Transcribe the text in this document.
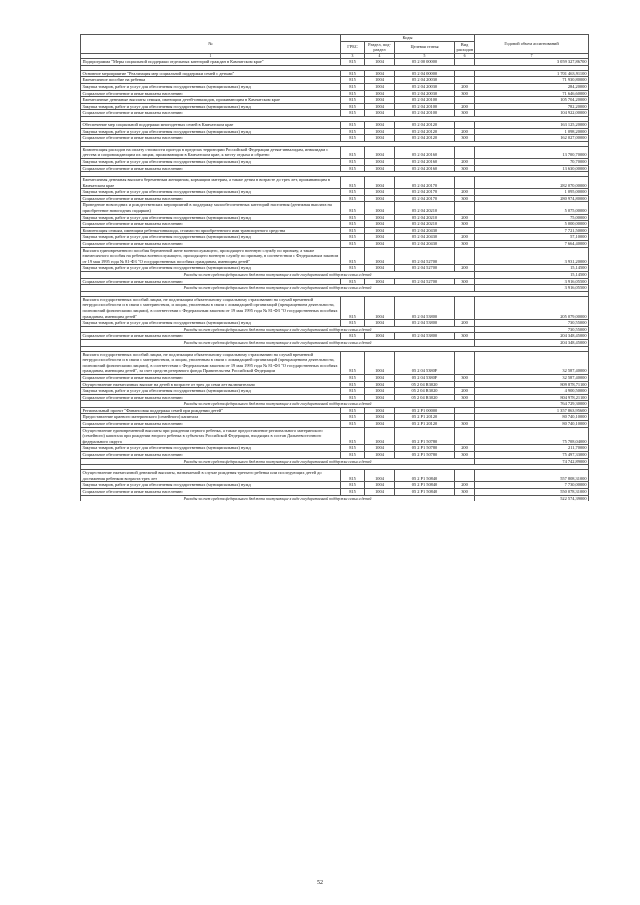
№	Коды				Годовой объем ассигнований
	ГРБС	Раздел, под-раздел	Целевая статья	Вид расходов	
1	3	4	5	6	7
Подпрограмма "Меры социальной поддержки отдельных категорий граждан в Камчатском крае"	815	1004	05 2 00 00000		3 059 327,86700

Основное мероприятие "Реализация мер социальной поддержки семей с детьми"	815	1004	05 2 04 00000		1 701 463,91100
Ежемесячное пособие на ребенка	815	1004	05 2 04 20030		71 930,80000
Закупка товаров, работ и услуг для обеспечения государственных (муниципальных) нужд	815	1004	05 2 04 20030	200	284,20000
Социальное обеспечение и иные выплаты населению	815	1004	05 2 04 20030	300	71 646,60000
Ежемесячные денежные выплаты семьям, имеющим детей-инвалидов, проживающим в Камчатском крае	815	1004	05 2 04 20100		105 704,20000
Закупка товаров, работ и услуг для обеспечения государственных (муниципальных) нужд	815	1004	05 2 04 20100	200	782,20000
Социальное обеспечение и иные выплаты населению	815	1004	05 2 04 20100	300	104 922,00000

Обеспечение мер социальной поддержки многодетных семей в Камчатском крае	815	1004	05 2 04 20120		163 125,20000
Закупка товаров, работ и услуг для обеспечения государственных (муниципальных) нужд	815	1004	05 2 04 20120	200	1 098,20000
Социальное обеспечение и иные выплаты населению	815	1004	05 2 04 20120	300	162 027,00000

Компенсация расходов на оплату стоимости проезда в пределах территории Российской Федерации детям-инвалидам, инвалидам с детства и сопровождающим их лицам, проживающим в Камчатском крае, к месту отдыха и обратно	815	1004	05 2 04 20160		13 700,70000
Закупка товаров, работ и услуг для обеспечения государственных (муниципальных) нужд	815	1004	05 2 04 20160	200	70,70000
Социальное обеспечение и иные выплаты населению	815	1004	05 2 04 20160	300	13 630,00000

Ежемесячная денежная выплата беременным женщинам, кормящим матерям, а также детям в возрасте до трех лет, проживающим в Камчатском крае	815	1004	05 2 04 20170		282 070,00000
Закупка товаров, работ и услуг для обеспечения государственных (муниципальных) нужд	815	1004	05 2 04 20170	200	1 095,00000
Социальное обеспечение и иные выплаты населению	815	1004	05 2 04 20170	300	280 974,80000
Проведение новогодних и рождественских мероприятий в поддержку малообеспеченных категорий населения (денежная выплата на приобретение новогодних подарков)	815	1004	05 2 04 20210		5 075,00000
Закупка товаров, работ и услуг для обеспечения государственных (муниципальных) нужд	815	1004	05 2 04 20210	200	75,00000
Социальное обеспечение и иные выплаты населению	815	1004	05 2 04 20210	300	5 000,00000
Компенсация семьям, имеющим ребенка-инвалида, стоимости приобретенного ими транспортного средства	815	1004	05 2 04 20430		7 721,50000
Закупка товаров, работ и услуг для обеспечения государственных (муниципальных) нужд	815	1004	05 2 04 20430	200	57,10000
Социальное обеспечение и иные выплаты населению	815	1004	05 2 04 20430	300	7 664,40000
Выплата единовременного пособия беременной жене военнослужащего, проходящего военную службу по призыву, а также ежемесячного пособия на ребенка военнослужащего, проходящего военную службу по призыву, в соответствии с Федеральным законом от 19 мая 1995 года № 81-ФЗ "О государственных пособиях гражданам, имеющим детей"	815	1004	05 2 04 52700		3 931,20000
Закупка товаров, работ и услуг для обеспечения государственных (муниципальных) нужд	815	1004	05 2 04 52700	200	15,14500
Расходы за счет средств федерального бюджета поступающие в виде государственной поддержки семьи и детей					15,14500
Социальное обеспечение и иные выплаты населению	815	1004	05 2 04 52700	300	3 916,05500
Расходы за счет средств федерального бюджета поступающие в виде государственной поддержки семьи и детей					3 916,05500

Выплата государственных пособий лицам, не подлежащим обязательному социальному страхованию на случай временной нетрудоспособности и в связи с материнством, и лицам, уволенным в связи с ликвидацией организаций (прекращением деятельности, полномочий физическими лицами), в соответствии с Федеральным законом от 19 мая 1995 года № 81-ФЗ "О государственных пособиях гражданам, имеющим детей"	815	1004	05 2 04 53800		205 079,00000
Закупка товаров, работ и услуг для обеспечения государственных (муниципальных) нужд	815	1004	05 2 04 53800	200	730,55000
Расходы за счет средств федерального бюджета поступающие в виде государственной поддержки семьи и детей					730,55000
Социальное обеспечение и иные выплаты населению	815	1004	05 2 04 53800	300	204 348,45000
Расходы за счет средств федерального бюджета поступающие в виде государственной поддержки семьи и детей					204 348,45000

Выплата государственных пособий лицам, не подлежащим обязательному социальному страхованию на случай временной нетрудоспособности и в связи с материнством, и лицам, уволенным в связи с ликвидацией организаций (прекращением деятельности, полномочий физическими лицами), в соответствии с Федеральным законом от 19 мая 1995 года № 81-ФЗ "О государственных пособиях гражданам, имеющим детей", за счет средств резервного фонда Правительства Российской Федерации	815	1004	05 2 04 5380F		32 587,40000
Социальное обеспечение и иные выплаты населению	815	1004	05 2 04 5380F	300	32 587,40000
Осуществление ежемесячных выплат на детей в возрасте от трех до семи лет включительно	815	1004	05 2 04 R3020		809 878,71100
Закупка товаров, работ и услуг для обеспечения государственных (муниципальных) нужд	815	1004	05 2 04 R3020	200	4 900,50000
Социальное обеспечение и иные выплаты населению	815	1004	05 2 04 R3020	300	804 978,21100
Расходы за счет средств федерального бюджета поступающие в виде государственной поддержки семьи и детей					764 729,30000
Региональный проект "Финансовая поддержка семей при рождении детей"	815	1004	05 2 P1 00000		1 357 863,95600
Предоставление краевого материнского (семейного) капитала	815	1004	05 2 P1 20120		80 740,10000
Социальное обеспечение и иные выплаты населению	815	1004	05 2 P1 20120	300	80 740,10000
Осуществление единовременной выплаты при рождении первого ребенка, а также предоставление регионального материнского (семейного) капитала при рождении второго ребенка в субъектах Российской Федерации, входящих в состав Дальневосточного федерального округа	815	1004	05 2 P1 50780		75 708,04000
Закупка товаров, работ и услуг для обеспечения государственных (муниципальных) нужд	815	1004	05 2 P1 50780	200	211,70000
Социальное обеспечение и иные выплаты населению	815	1004	05 2 P1 50780	300	75 497,33000
Расходы за счет средств федерального бюджета поступающие в виде государственной поддержки семьи и детей					74 742,89000

Осуществление ежемесячной денежной выплаты, назначаемой в случае рождения третьего ребенка или последующих детей до достижения ребенком возраста трех лет	815	1004	05 2 P1 50840		557 808,31000
Закупка товаров, работ и услуг для обеспечения государственных (муниципальных) нужд	815	1004	05 2 P1 50840	200	7 730,00000
Социальное обеспечение и иные выплаты населению	815	1004	05 2 P1 50840	300	550 078,31000
Расходы за счет средств федерального бюджета поступающие в виде государственной поддержки семьи и детей					522 574,39000
52
